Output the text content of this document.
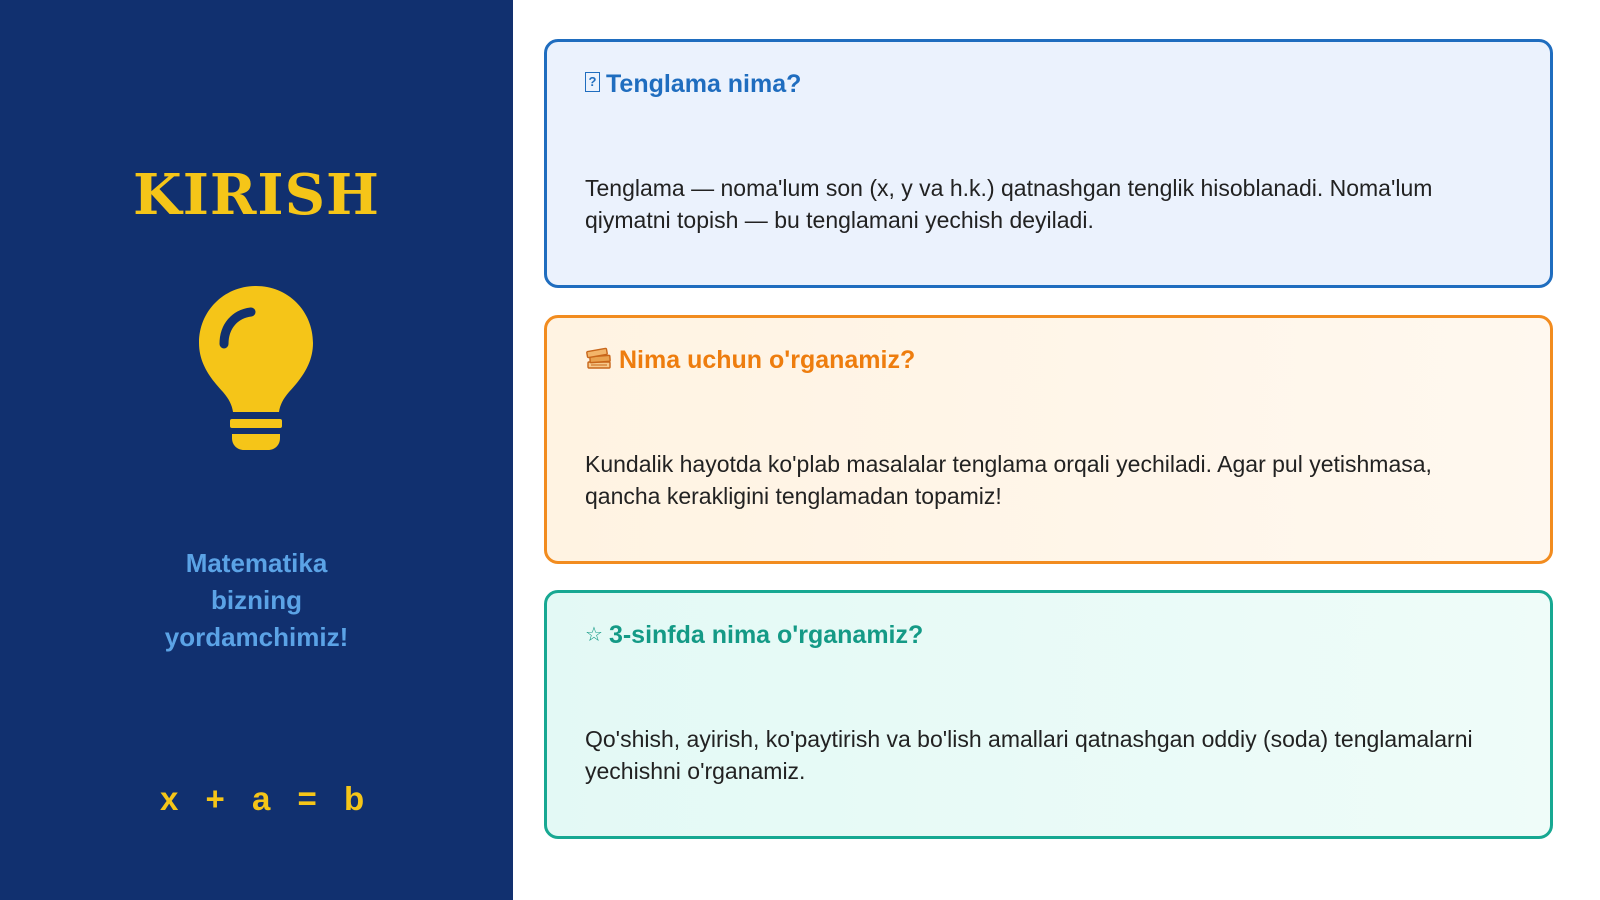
KIRISH
Matematika bizning yordamchimiz!
x + a = b
? Tenglama nima?
Tenglama — noma'lum son (x, y va h.k.) qatnashgan tenglik hisoblanadi. Noma'lum qiymatni topish — bu tenglamani yechish deyiladi.
Nima uchun o'rganamiz?
Kundalik hayotda ko'plab masalalar tenglama orqali yechiladi. Agar pul yetishmasa, qancha kerakligini tenglamadan topamiz!
☆ 3-sinfda nima o'rganamiz?
Qo'shish, ayirish, ko'paytirish va bo'lish amallari qatnashgan oddiy (soda) tenglamalarni yechishni o'rganamiz.
